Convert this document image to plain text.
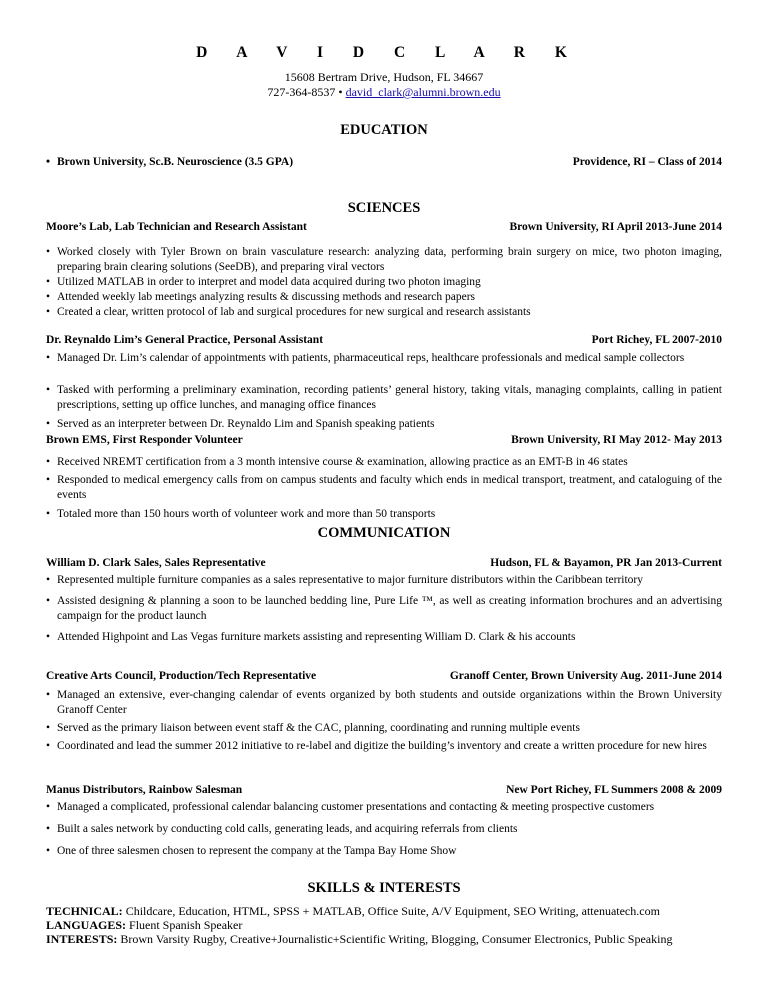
D A V I D C L A R K
15608 Bertram Drive, Hudson, FL 34667
727-364-8537 • david_clark@alumni.brown.edu
EDUCATION
• Brown University, Sc.B. Neuroscience (3.5 GPA)	Providence, RI – Class of 2014
SCIENCES
Moore’s Lab, Lab Technician and Research Assistant	Brown University, RI April 2013-June 2014
• Worked closely with Tyler Brown on brain vasculature research: analyzing data, performing brain surgery on mice, two photon imaging, preparing brain clearing solutions (SeeDB), and preparing viral vectors
• Utilized MATLAB in order to interpret and model data acquired during two photon imaging
• Attended weekly lab meetings analyzing results & discussing methods and research papers
• Created a clear, written protocol of lab and surgical procedures for new surgical and research assistants
Dr. Reynaldo Lim’s General Practice, Personal Assistant	Port Richey, FL 2007-2010
• Managed Dr. Lim’s calendar of appointments with patients, pharmaceutical reps, healthcare professionals and medical sample collectors
• Tasked with performing a preliminary examination, recording patients’ general history, taking vitals, managing complaints, calling in patient prescriptions, setting up office lunches, and managing office finances
• Served as an interpreter between Dr. Reynaldo Lim and Spanish speaking patients
Brown EMS, First Responder Volunteer	Brown University, RI May 2012- May 2013
• Received NREMT certification from a 3 month intensive course & examination, allowing practice as an EMT-B in 46 states
• Responded to medical emergency calls from on campus students and faculty which ends in medical transport, treatment, and cataloguing of the events
• Totaled more than 150 hours worth of volunteer work and more than 50 transports
COMMUNICATION
William D. Clark Sales, Sales Representative	Hudson, FL & Bayamon, PR Jan 2013-Current
• Represented multiple furniture companies as a sales representative to major furniture distributors within the Caribbean territory
• Assisted designing & planning a soon to be launched bedding line, Pure Life ™, as well as creating information brochures and an advertising campaign for the product launch
• Attended Highpoint and Las Vegas furniture markets assisting and representing William D. Clark & his accounts
Creative Arts Council, Production/Tech Representative	Granoff Center, Brown University Aug. 2011-June 2014
• Managed an extensive, ever-changing calendar of events organized by both students and outside organizations within the Brown University Granoff Center
• Served as the primary liaison between event staff & the CAC, planning, coordinating and running multiple events
• Coordinated and lead the summer 2012 initiative to re-label and digitize the building’s inventory and create a written procedure for new hires
Manus Distributors, Rainbow Salesman	New Port Richey, FL Summers 2008 & 2009
• Managed a complicated, professional calendar balancing customer presentations and contacting & meeting prospective customers
• Built a sales network by conducting cold calls, generating leads, and acquiring referrals from clients
• One of three salesmen chosen to represent the company at the Tampa Bay Home Show
SKILLS & INTERESTS
TECHNICAL: Childcare, Education, HTML, SPSS + MATLAB, Office Suite, A/V Equipment, SEO Writing, attenuatech.com
LANGUAGES: Fluent Spanish Speaker
INTERESTS: Brown Varsity Rugby, Creative+Journalistic+Scientific Writing, Blogging, Consumer Electronics, Public Speaking
